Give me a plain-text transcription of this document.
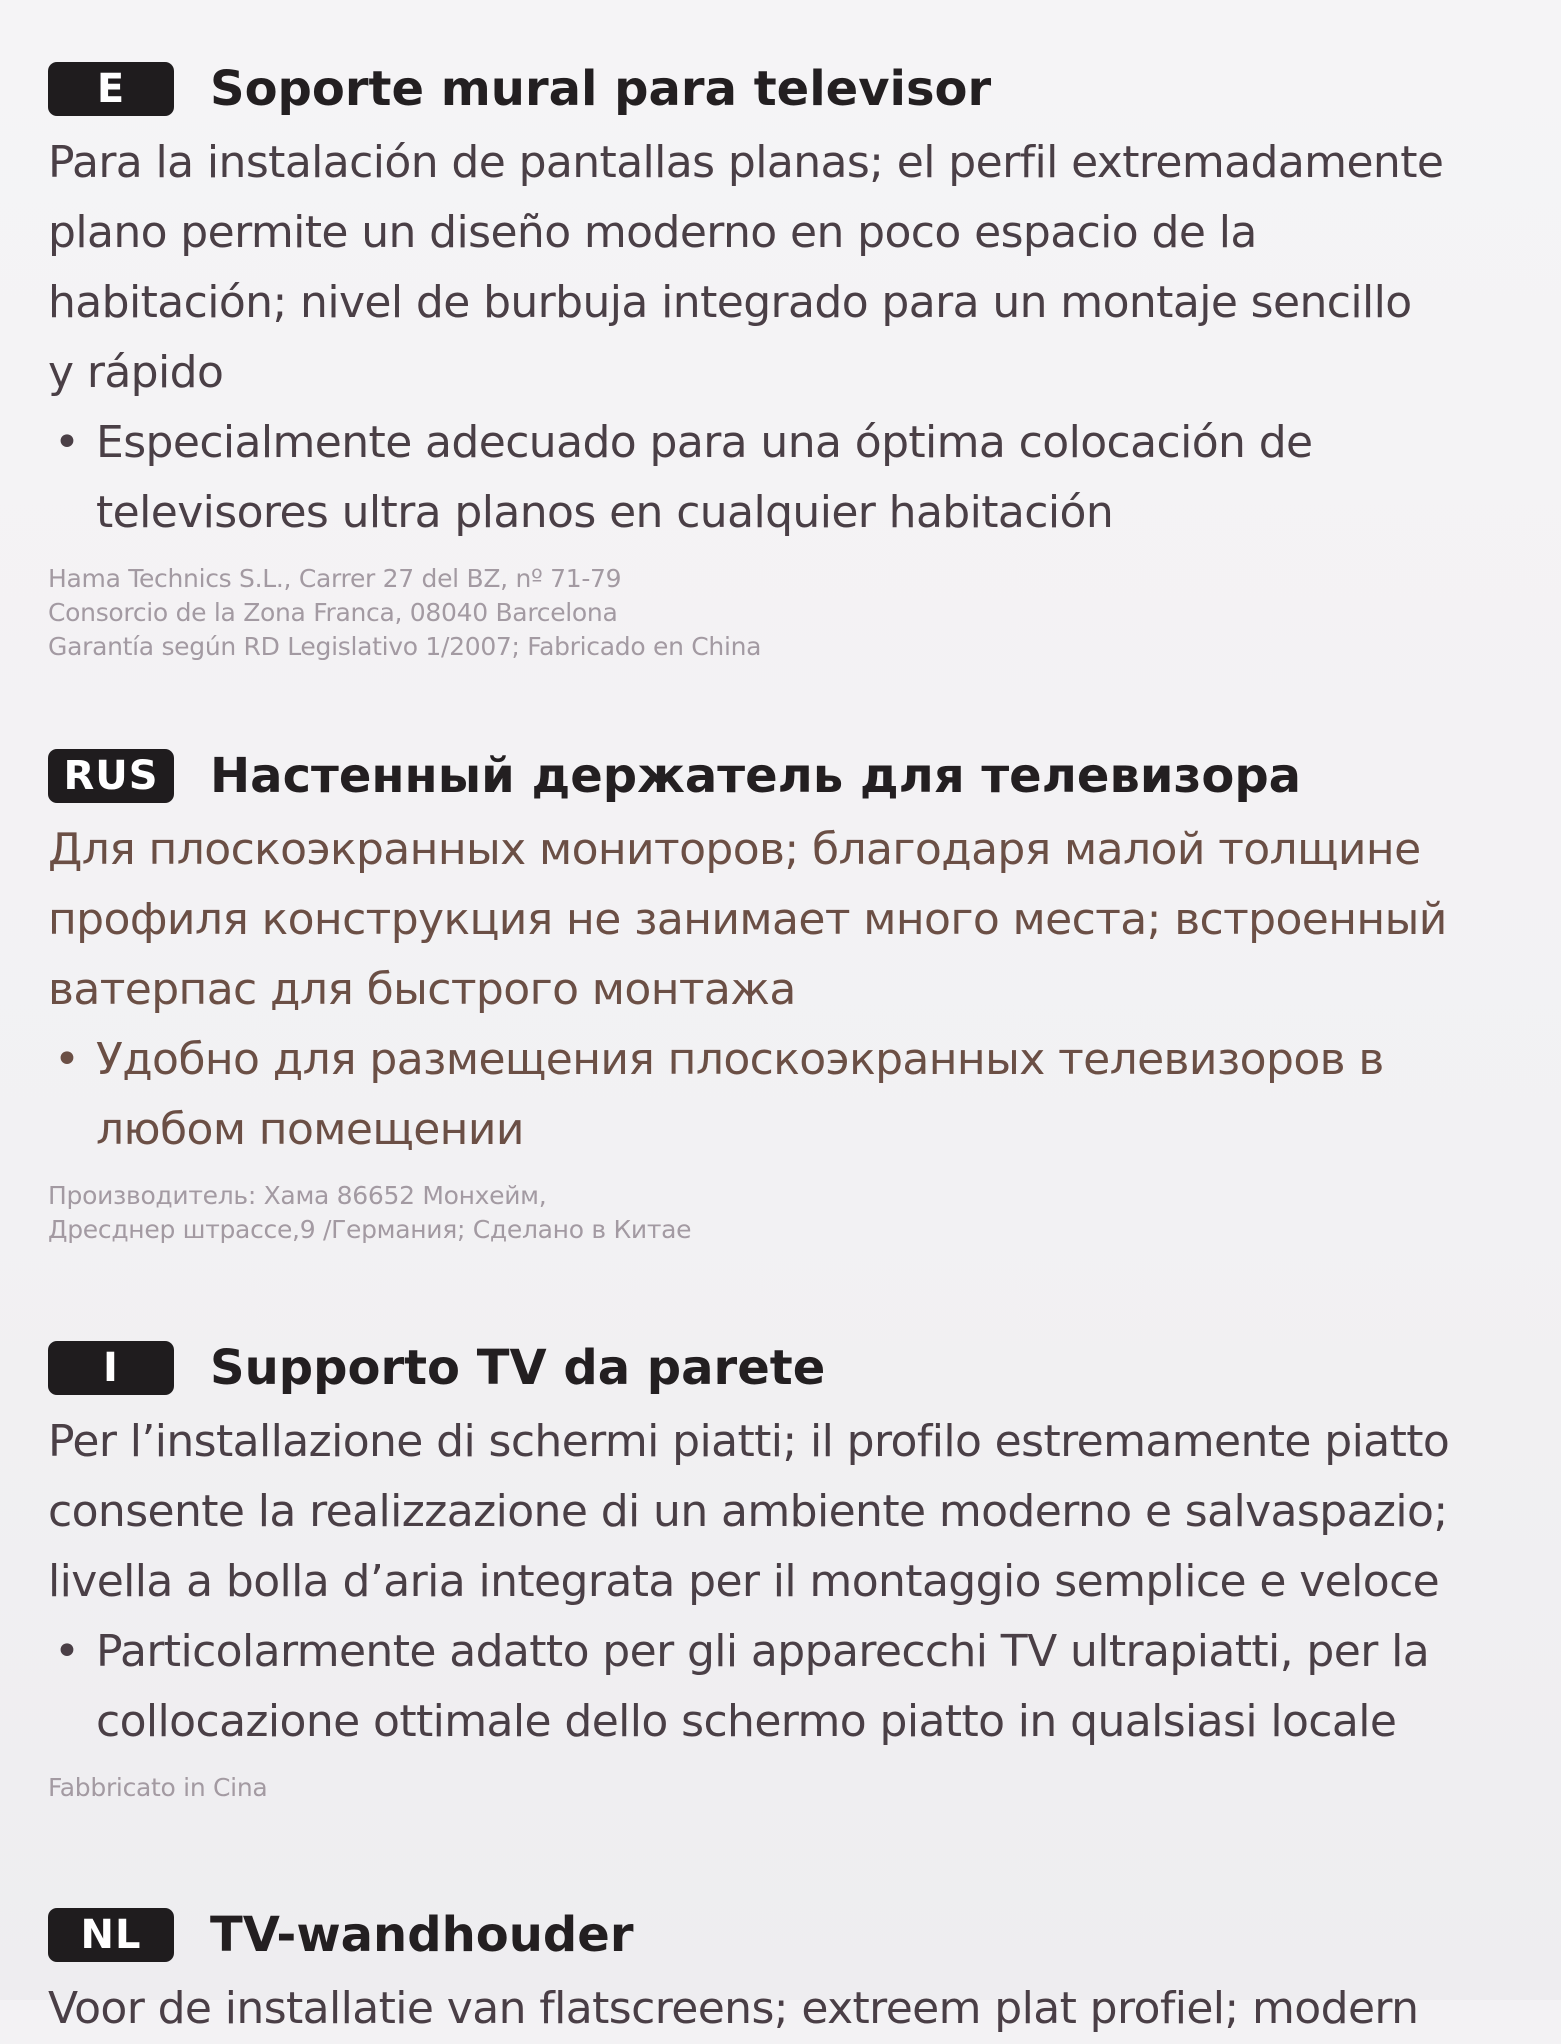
E	Soporte mural para televisor
Para la instalación de pantallas planas; el perfil extremadamente
plano permite un diseño moderno en poco espacio de la
habitación; nivel de burbuja integrado para un montaje sencillo
y rápido
• Especialmente adecuado para una óptima colocación de
televisores ultra planos en cualquier habitación
Hama Technics S.L., Carrer 27 del BZ, nº 71-79
Consorcio de la Zona Franca, 08040 Barcelona
Garantía según RD Legislativo 1/2007; Fabricado en China
RUS	Настенный держатель для телевизора
Для плоскоэкранных мониторов; благодаря малой толщине
профиля конструкция не занимает много места; встроенный
ватерпас для быстрого монтажа
• Удобно для размещения плоскоэкранных телевизоров в
любом помещении
Производитель: Хама 86652 Монхейм,
Дресднер штрассе,9 /Германия; Сделано в Китае
I	Supporto TV da parete
Per l’installazione di schermi piatti; il profilo estremamente piatto
consente la realizzazione di un ambiente moderno e salvaspazio;
livella a bolla d’aria integrata per il montaggio semplice e veloce
• Particolarmente adatto per gli apparecchi TV ultrapiatti, per la
collocazione ottimale dello schermo piatto in qualsiasi locale
Fabbricato in Cina
NL	TV-wandhouder
Voor de installatie van flatscreens; extreem plat profiel; modern
